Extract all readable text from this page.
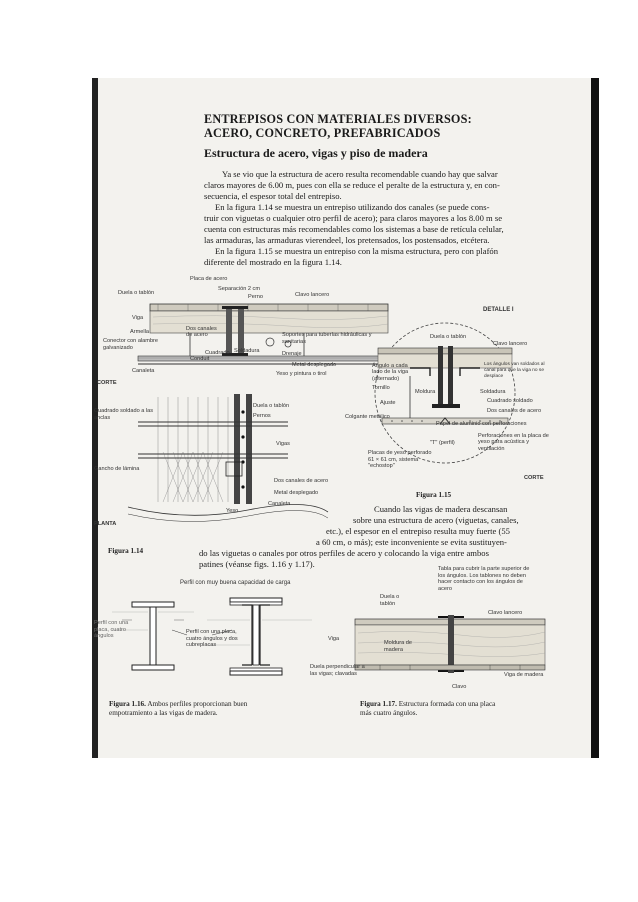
ENTREPISOS CON MATERIALES DIVERSOS:
ACERO, CONCRETO, PREFABRICADOS
Estructura de acero, vigas y piso de madera
Ya se vio que la estructura de acero resulta recomendable cuando hay que salvar
claros mayores de 6.00 m, pues con ella se reduce el peralte de la estructura y, en con-
secuencia, el espesor total del entrepiso.
En la figura 1.14 se muestra un entrepiso utilizando dos canales (se puede cons-
truir con viguetas o cualquier otro perfil de acero); para claros mayores a los 8.00 m se
cuenta con estructuras más recomendables como los sistemas a base de retícula celular,
las armaduras, las armaduras vierendeel, los pretensados, los postensados, etcétera.
En la figura 1.15 se muestra un entrepiso con la misma estructura, pero con plafón
diferente del mostrado en la figura 1.14.
Placa de acero
Separación 2 cm
Duela o tablón
Perno	Clavo lancero
Viga
Armella	Dos canales de acero	Soportes para tuberías hidráulicas y sanitarias
Conector con alambre galvanizado
Cuadrado Soldadura
Conduit
Drenaje
Metal desplegado
Yeso y pintura o tirol
Canaleta
CORTE
Cuadrado soldado a las anclas
Duela o tablón
Pernos
Vigas
Gancho de lámina
Dos canales de acero
Metal desplegado
Canaleta
Yeso
PLANTA
Figura 1.14
DETALLE I
Duela o tablón
Clavo lancero
Ángulo a cada lado de la viga (alternado)
Los ángulos van soldados al canal para que la viga no se desplace
Tornillo
Moldura	Soldadura
Cuadrado soldado
Ajuste
Dos canales de acero
Colgante metálico
Papel de aluminio con perforaciones
Perforaciones en la placa de yeso para acústica y ventilación
"T" (perfil)
Placas de yeso perforado 61 × 61 cm, sistema "echostop"
CORTE
Figura 1.15
Cuando las vigas de madera descansan
sobre una estructura de acero (viguetas, canales,
etc.), el espesor en el entrepiso resulta muy fuerte (55
a 60 cm, o más); este inconveniente se evita sustituyen-
do las viguetas o canales por otros perfiles de acero y colocando la viga entre ambos
patines (véanse figs. 1.16 y 1.17).
Perfil con muy buena capacidad de carga
Perfil con una placa, cuatro ángulos y dos cubreplacas
Perfil con una placa, cuatro ángulos
Figura 1.16. Ambos perfiles proporcionan buen
empotramiento a las vigas de madera.
Tabla para cubrir la parte superior de los ángulos. Los tablones no deben hacer contacto con los ángulos de acero
Duela o tablón
Clavo lancero
Viga
Moldura de madera
Duela perpendicular a las vigas; clavadas	Viga de madera
Clavo
Figura 1.17. Estructura formada con una placa
más cuatro ángulos.
